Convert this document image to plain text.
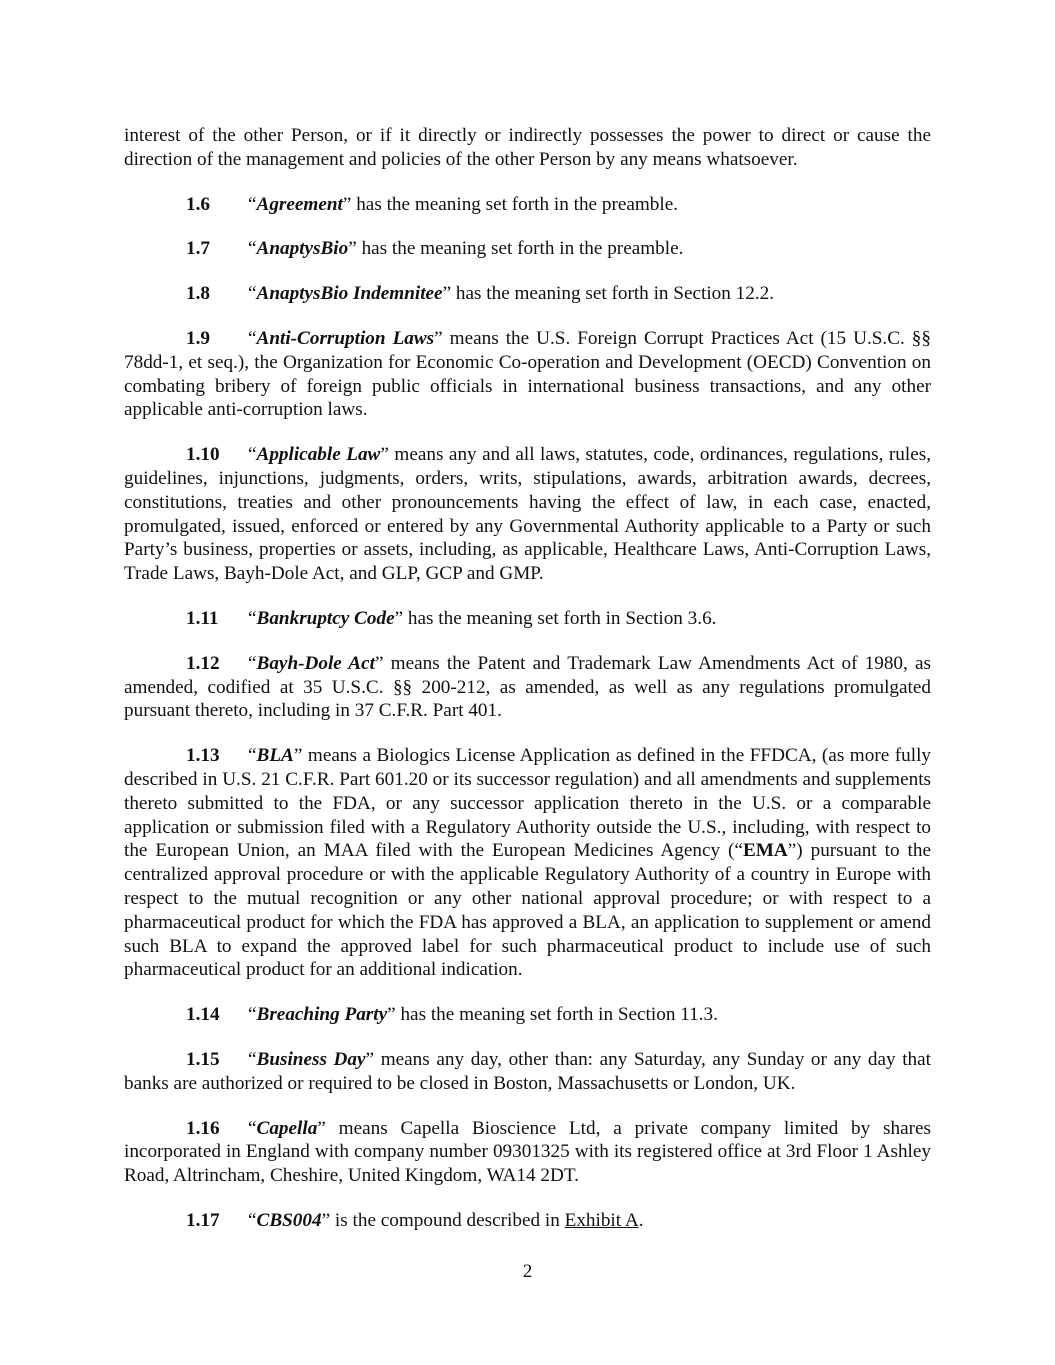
interest of the other Person, or if it directly or indirectly possesses the power to direct or cause the direction of the management and policies of the other Person by any means whatsoever.

1.6 “Agreement” has the meaning set forth in the preamble.

1.7 “AnaptysBio” has the meaning set forth in the preamble.

1.8 “AnaptysBio Indemnitee” has the meaning set forth in Section 12.2.

1.9 “Anti-Corruption Laws” means the U.S. Foreign Corrupt Practices Act (15 U.S.C. §§ 78dd-1, et seq.), the Organization for Economic Co-operation and Development (OECD) Convention on combating bribery of foreign public officials in international business transactions, and any other applicable anti-corruption laws.

1.10 “Applicable Law” means any and all laws, statutes, code, ordinances, regulations, rules, guidelines, injunctions, judgments, orders, writs, stipulations, awards, arbitration awards, decrees, constitutions, treaties and other pronouncements having the effect of law, in each case, enacted, promulgated, issued, enforced or entered by any Governmental Authority applicable to a Party or such Party’s business, properties or assets, including, as applicable, Healthcare Laws, Anti-Corruption Laws, Trade Laws, Bayh-Dole Act, and GLP, GCP and GMP.

1.11 “Bankruptcy Code” has the meaning set forth in Section 3.6.

1.12 “Bayh-Dole Act” means the Patent and Trademark Law Amendments Act of 1980, as amended, codified at 35 U.S.C. §§ 200-212, as amended, as well as any regulations promulgated pursuant thereto, including in 37 C.F.R. Part 401.

1.13 “BLA” means a Biologics License Application as defined in the FFDCA, (as more fully described in U.S. 21 C.F.R. Part 601.20 or its successor regulation) and all amendments and supplements thereto submitted to the FDA, or any successor application thereto in the U.S. or a comparable application or submission filed with a Regulatory Authority outside the U.S., including, with respect to the European Union, an MAA filed with the European Medicines Agency (“EMA”) pursuant to the centralized approval procedure or with the applicable Regulatory Authority of a country in Europe with respect to the mutual recognition or any other national approval procedure; or with respect to a pharmaceutical product for which the FDA has approved a BLA, an application to supplement or amend such BLA to expand the approved label for such pharmaceutical product to include use of such pharmaceutical product for an additional indication.

1.14 “Breaching Party” has the meaning set forth in Section 11.3.

1.15 “Business Day” means any day, other than: any Saturday, any Sunday or any day that banks are authorized or required to be closed in Boston, Massachusetts or London, UK.

1.16 “Capella” means Capella Bioscience Ltd, a private company limited by shares incorporated in England with company number 09301325 with its registered office at 3rd Floor 1 Ashley Road, Altrincham, Cheshire, United Kingdom, WA14 2DT.

1.17 “CBS004” is the compound described in Exhibit A.

2
